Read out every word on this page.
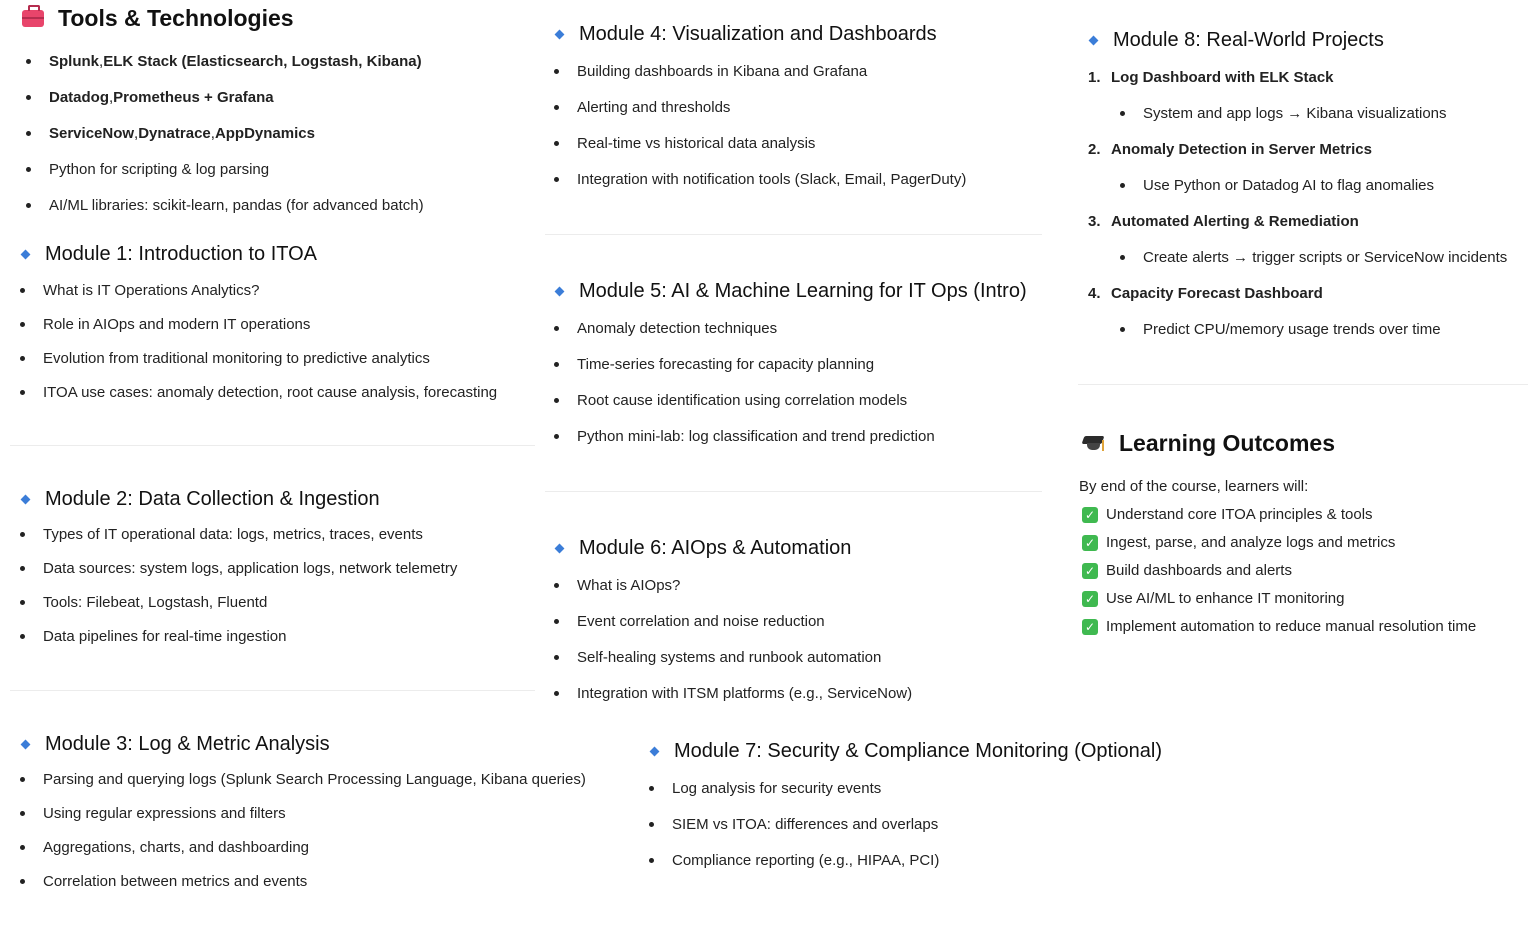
Tools & Technologies
Splunk , ELK Stack (Elasticsearch, Logstash, Kibana)
Datadog , Prometheus + Grafana
ServiceNow , Dynatrace , AppDynamics
Python for scripting & log parsing
AI/ML libraries: scikit-learn, pandas (for advanced batch)
Module 1: Introduction to ITOA
What is IT Operations Analytics?
Role in AIOps and modern IT operations
Evolution from traditional monitoring to predictive analytics
ITOA use cases: anomaly detection, root cause analysis, forecasting
Module 2: Data Collection & Ingestion
Types of IT operational data: logs, metrics, traces, events
Data sources: system logs, application logs, network telemetry
Tools: Filebeat, Logstash, Fluentd
Data pipelines for real-time ingestion
Module 3: Log & Metric Analysis
Parsing and querying logs (Splunk Search Processing Language, Kibana queries)
Using regular expressions and filters
Aggregations, charts, and dashboarding
Correlation between metrics and events
Module 4: Visualization and Dashboards
Building dashboards in Kibana and Grafana
Alerting and thresholds
Real-time vs historical data analysis
Integration with notification tools (Slack, Email, PagerDuty)
Module 5: AI & Machine Learning for IT Ops (Intro)
Anomaly detection techniques
Time-series forecasting for capacity planning
Root cause identification using correlation models
Python mini-lab: log classification and trend prediction
Module 6: AIOps & Automation
What is AIOps?
Event correlation and noise reduction
Self-healing systems and runbook automation
Integration with ITSM platforms (e.g., ServiceNow)
Module 7: Security & Compliance Monitoring (Optional)
Log analysis for security events
SIEM vs ITOA: differences and overlaps
Compliance reporting (e.g., HIPAA, PCI)
Module 8: Real-World Projects
1. Log Dashboard with ELK Stack
System and app logs → Kibana visualizations
2. Anomaly Detection in Server Metrics
Use Python or Datadog AI to flag anomalies
3. Automated Alerting & Remediation
Create alerts → trigger scripts or ServiceNow incidents
4. Capacity Forecast Dashboard
Predict CPU/memory usage trends over time
Learning Outcomes
By end of the course, learners will:
✓ Understand core ITOA principles & tools
✓ Ingest, parse, and analyze logs and metrics
✓ Build dashboards and alerts
✓ Use AI/ML to enhance IT monitoring
✓ Implement automation to reduce manual resolution time
